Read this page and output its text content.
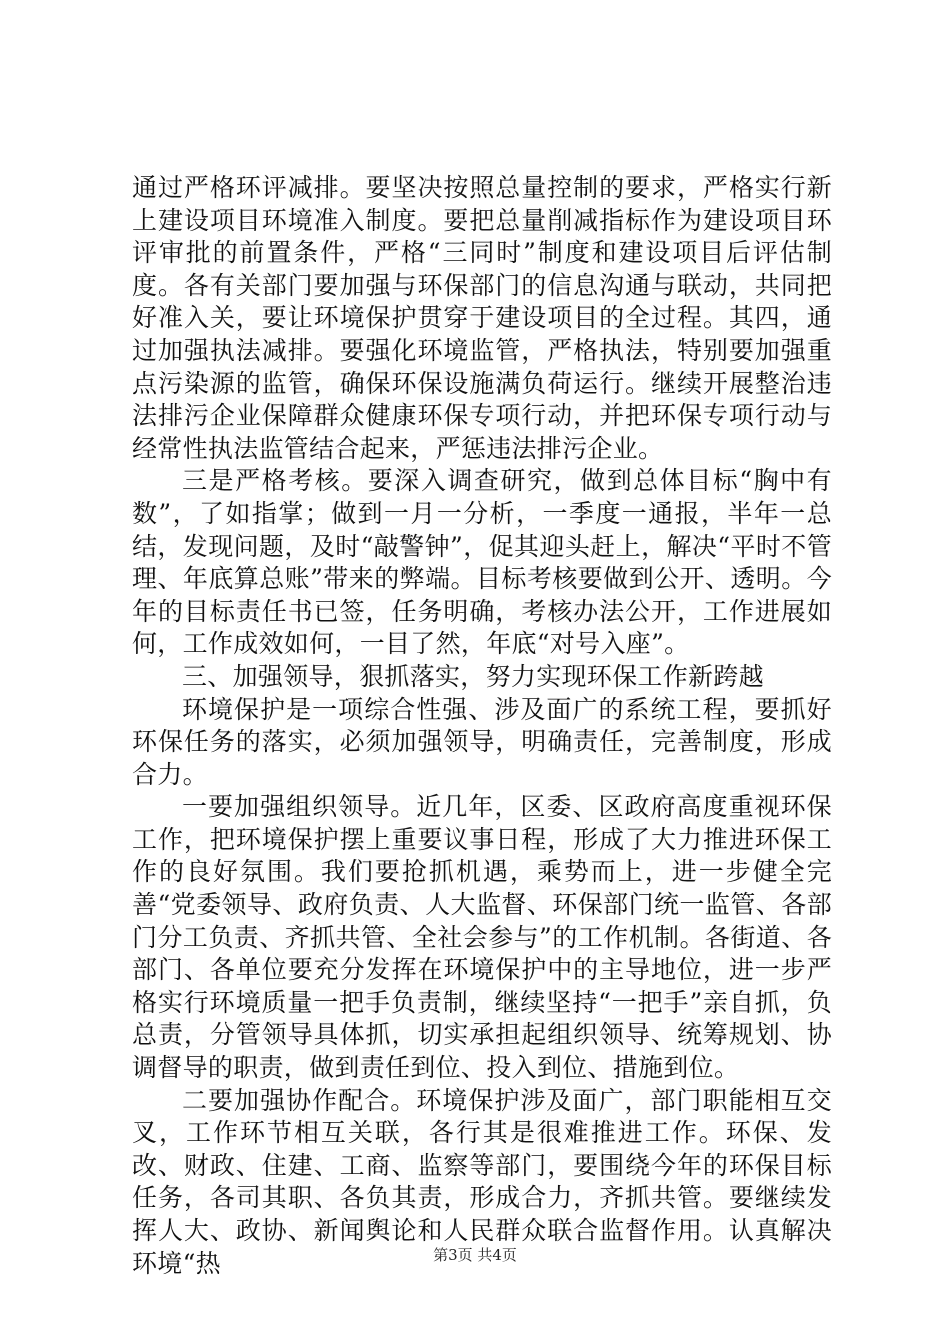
通过严格环评减排。要坚决按照总量控制的要求，严格实行新上建设项目环境准入制度。要把总量削减指标作为建设项目环评审批的前置条件，严格“三同时”制度和建设项目后评估制度。各有关部门要加强与环保部门的信息沟通与联动，共同把好准入关，要让环境保护贯穿于建设项目的全过程。其四，通过加强执法减排。要强化环境监管，严格执法，特别要加强重点污染源的监管，确保环保设施满负荷运行。继续开展整治违法排污企业保障群众健康环保专项行动，并把环保专项行动与经常性执法监管结合起来，严惩违法排污企业。

三是严格考核。要深入调查研究，做到总体目标“胸中有数”，了如指掌；做到一月一分析，一季度一通报，半年一总结，发现问题，及时“敲警钟”，促其迎头赶上，解决“平时不管理、年底算总账”带来的弊端。目标考核要做到公开、透明。今年的目标责任书已签，任务明确，考核办法公开，工作进展如何，工作成效如何，一目了然，年底“对号入座”。

三、加强领导，狠抓落实，努力实现环保工作新跨越

环境保护是一项综合性强、涉及面广的系统工程，要抓好环保任务的落实，必须加强领导，明确责任，完善制度，形成合力。

一要加强组织领导。近几年，区委、区政府高度重视环保工作，把环境保护摆上重要议事日程，形成了大力推进环保工作的良好氛围。我们要抢抓机遇，乘势而上，进一步健全完善“党委领导、政府负责、人大监督、环保部门统一监管、各部门分工负责、齐抓共管、全社会参与”的工作机制。各街道、各部门、各单位要充分发挥在环境保护中的主导地位，进一步严格实行环境质量一把手负责制，继续坚持“一把手”亲自抓，负总责，分管领导具体抓，切实承担起组织领导、统筹规划、协调督导的职责，做到责任到位、投入到位、措施到位。

二要加强协作配合。环境保护涉及面广，部门职能相互交叉，工作环节相互关联，各行其是很难推进工作。环保、发改、财政、住建、工商、监察等部门，要围绕今年的环保目标任务，各司其职、各负其责，形成合力，齐抓共管。要继续发挥人大、政协、新闻舆论和人民群众联合监督作用。认真解决环境“热	第3页 共4页
